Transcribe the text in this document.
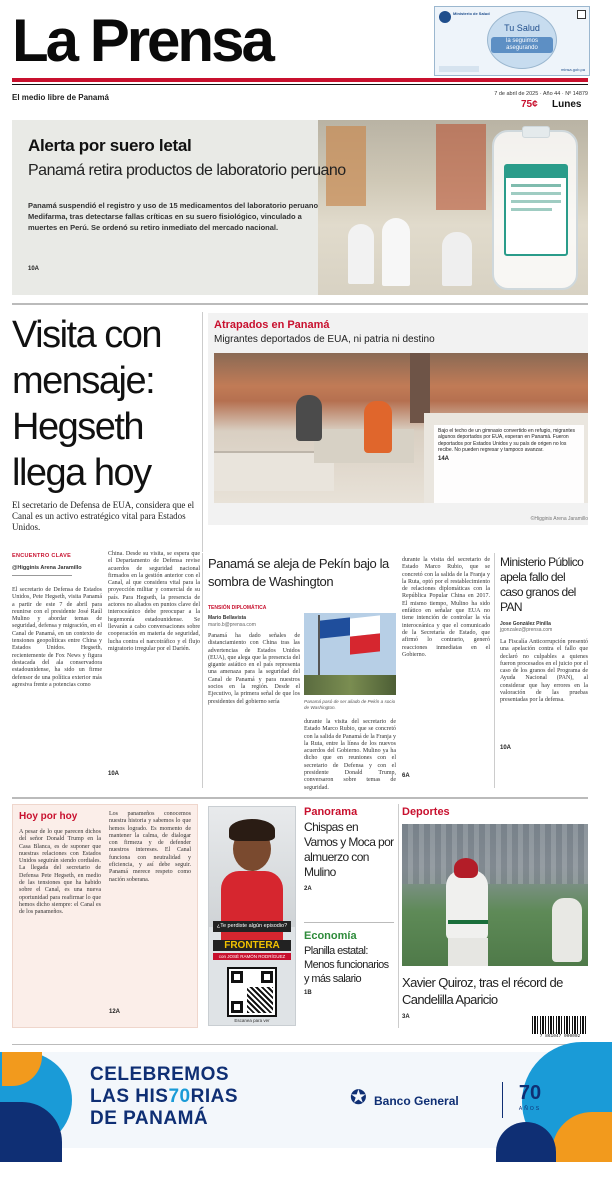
La Prensa	Ministerio de Salud
Tu Salud
la seguimos asegurando
minsa.gob.pa
El medio libre de Panamá	7 de abril de 2025 · Año 44 · Nº 14879
75¢ Lunes
Alerta por suero letal
Panamá retira productos de laboratorio peruano
Panamá suspendió el registro y uso de 15 medicamentos del laboratorio peruano Medifarma, tras detectarse fallas críticas en su suero fisiológico, vinculado a muertes en Perú. Se ordenó su retiro inmediato del mercado nacional.
10A
Visita con mensaje: Hegseth llega hoy
El secretario de Defensa de EUA, considera que el Canal es un activo estratégico vital para Estados Unidos.
Atrapados en Panamá
Migrantes deportados de EUA, ni patria ni destino
Bajo el techo de un gimnasio convertido en refugio, migrantes algunos deportados por EUA, esperan en Panamá. Fueron deportados por Estados Unidos y su país de origen no los recibe. No pueden regresar y tampoco avanzar.
14A
©Higginis Arena Jaramillo
ENCUENTRO CLAVE
@Higginis Arena Jaramillo
El secretario de Defensa de Estados Unidos, Pete Hegseth, visita Panamá a partir de este 7 de abril para reunirse con el presidente José Raúl Mulino y abordar temas de seguridad, defensa y migración, en el Canal de Panamá, en un contexto de tensiones geopolíticas entre China y Estados Unidos. Hegseth, recientemente de Fox News y figura destacada del ala conservadora estadounidense, ha sido un firme defensor de una política exterior más agresiva frente a potencias como
China. Desde su visita, se espera que el Departamento de Defensa revise acuerdos de seguridad nacional firmados en la gestión anterior con el Canal, al que considera vital para la proyección militar y comercial de su país. Para Hegseth, la presencia de actores no aliados en puntos clave del interoceánico debe preocupar a la hegemonía estadounidense. Se llevarán a cabo conversaciones sobre cooperación en materia de seguridad, lucha contra el narcotráfico y el flujo migratorio irregular por el Darién.
10A
Panamá se aleja de Pekín bajo la sombra de Washington
TENSIÓN DIPLOMÁTICA
Mario Bellavista
mario.b@prensa.com
Panamá ha dado señales de distanciamiento con China tras las advertencias de Estados Unidos (EUA), que alega que la presencia del gigante asiático en el país representa una amenaza para la seguridad del Canal de Panamá y para nuestros socios en la región. Desde el Ejecutivo, la primera señal de que los presidentes del gobierno sería	Panamá pasó de ser aliado de Pekín a socio de Washington.
durante la visita del secretario de Estado Marco Rubio, que se concretó con la salida de Panamá de la Franja y la Ruta, entre la línea de los nuevos acuerdos del Gobierno. Mulino ya ha dicho que en reuniones con el secretario de Defensa y con el presidente Donald Trump, conversaron sobre temas de seguridad.
durante la visita del secretario de Estado Marco Rubio, que se concretó con la salida de la Franja y la Ruta, optó por el restablecimiento de relaciones diplomáticas con la República Popular China en 2017. El mismo tiempo, Mulino ha sido enfático en señalar que EUA no tiene intención de controlar la vía interoceánica y que el comunicado de la Secretaría de Estado, que afirmó lo contrario, generó reacciones inmediatas en el Gobierno.
6A
Ministerio Público apela fallo del caso granos del PAN
Jose González Pinilla
jgonzalez@prensa.com
La Fiscalía Anticorrupción presentó una apelación contra el fallo que declaró no culpables a quienes fueron procesados en el juicio por el caso de los granos del Programa de Ayuda Nacional (PAN), al considerar que hay errores en la valoración de las pruebas presentadas por la defensa.
10A
Hoy por hoy
A pesar de lo que parecen dichos del señor Donald Trump en la Casa Blanca, es de suponer que nuestras relaciones con Estados Unidos seguirán siendo cordiales. La llegada del secretario de Defensa Pete Hegseth, en medio de las tensiones que ha habido sobre el Canal, es una nueva oportunidad para reafirmar lo que hemos dicho siempre: el Canal es de los panameños.
Los panameños conocemos nuestra historia y sabemos lo que hemos logrado. Es momento de mantener la calma, de dialogar con firmeza y de defender nuestros intereses. El Canal funciona con neutralidad y eficiencia, y así debe seguir. Panamá merece respeto como nación soberana.
12A
¿Te perdiste algún episodio?
FRONTERA
con JOSÉ RAMÓN RODRÍGUEZ
Escanea para ver
Panorama
Chispas en Vamos y Moca por almuerzo con Mulino
2A
Economía
Planilla estatal: Menos funcionarios y más salario
1B
Deportes
Xavier Quiroz, tras el récord de Candelilla Aparicio
3A
7 861047 000002
CELEBREMOS
LAS HIS70RIAS
DE PANAMÁ
✪ Banco General	70
AÑOS
